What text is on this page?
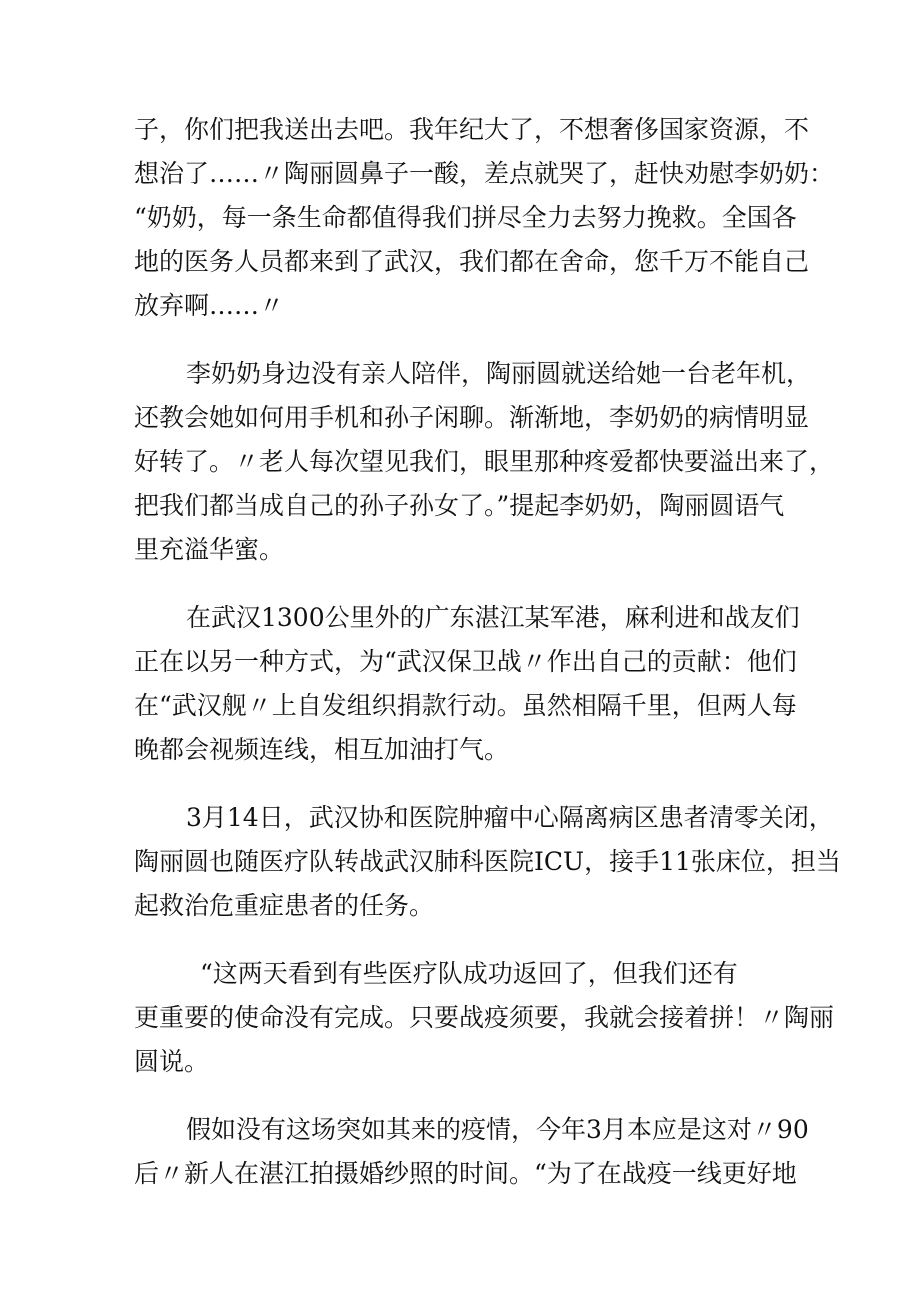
子，你们把我送出去吧。我年纪大了，不想奢侈国家资源，不
想治了……〃陶丽圆鼻子一酸，差点就哭了，赶快劝慰李奶奶：
“奶奶，每一条生命都值得我们拼尽全力去努力挽救。全国各
地的医务人员都来到了武汉，我们都在舍命，您千万不能自己
放弃啊……〃

李奶奶身边没有亲人陪伴，陶丽圆就送给她一台老年机，
还教会她如何用手机和孙子闲聊。渐渐地，李奶奶的病情明显
好转了。〃老人每次望见我们，眼里那种疼爱都快要溢出来了，
把我们都当成自己的孙子孙女了。”提起李奶奶，陶丽圆语气
里充溢华蜜。

在武汉1300公里外的广东湛江某军港，麻利进和战友们
正在以另一种方式，为“武汉保卫战〃作出自己的贡献：他们
在“武汉舰〃上自发组织捐款行动。虽然相隔千里，但两人每
晚都会视频连线，相互加油打气。

3月14日，武汉协和医院肿瘤中心隔离病区患者清零关闭，
陶丽圆也随医疗队转战武汉肺科医院ICU，接手11张床位，担当
起救治危重症患者的任务。

“这两天看到有些医疗队成功返回了，但我们还有
更重要的使命没有完成。只要战疫须要，我就会接着拼！〃陶丽
圆说。

假如没有这场突如其来的疫情，今年3月本应是这对〃90
后〃新人在湛江拍摄婚纱照的时间。“为了在战疫一线更好地
